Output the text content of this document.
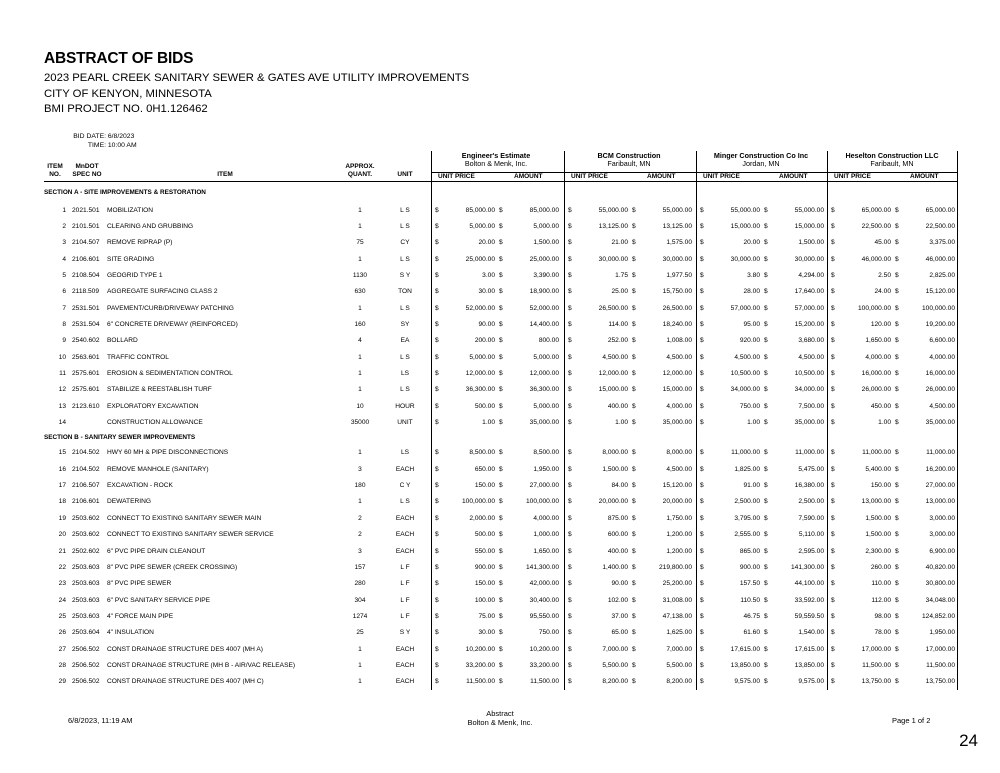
ABSTRACT OF BIDS
2023 PEARL CREEK SANITARY SEWER & GATES AVE UTILITY IMPROVEMENTS
CITY OF KENYON, MINNESOTA
BMI PROJECT NO. 0H1.126462
BID DATE: 6/8/2023
TIME: 10:00 AM
ITEM
NO.
MnDOT
SPEC NO	ITEM
APPROX.
QUANT.	UNIT
Engineer's Estimate
Bolton & Menk, Inc.
UNIT PRICE	AMOUNT
BCM Construction
Faribault, MN
UNIT PRICE	AMOUNT
Minger Construction Co Inc
Jordan, MN
UNIT PRICE	AMOUNT
Heselton Construction LLC
Faribault, MN
UNIT PRICE	AMOUNT
SECTION A - SITE IMPROVEMENTS & RESTORATION
1 2021.501 MOBILIZATION	1	L S	$	85,000.00 $	85,000.00 $	55,000.00 $	55,000.00 $	55,000.00 $	55,000.00 $	65,000.00 $	65,000.00
2 2101.501 CLEARING AND GRUBBING	1	L S	$	5,000.00 $	5,000.00 $	13,125.00 $	13,125.00 $	15,000.00 $	15,000.00 $	22,500.00 $	22,500.00
3 2104.507 REMOVE RIPRAP (P)	75	CY	$	20.00 $	1,500.00 $	21.00 $	1,575.00 $	20.00 $	1,500.00 $	45.00 $	3,375.00
4 2106.601 SITE GRADING	1	L S	$	25,000.00 $	25,000.00 $	30,000.00 $	30,000.00 $	30,000.00 $	30,000.00 $	46,000.00 $	46,000.00
5 2108.504 GEOGRID TYPE 1	1130	S Y	$	3.00 $	3,390.00 $	1.75 $	1,977.50 $	3.80 $	4,294.00 $	2.50 $	2,825.00
6 2118.509 AGGREGATE SURFACING CLASS 2	630	TON	$	30.00 $	18,900.00 $	25.00 $	15,750.00 $	28.00 $	17,640.00 $	24.00 $	15,120.00
7 2531.501 PAVEMENT/CURB/DRIVEWAY PATCHING	1	L S	$	52,000.00 $	52,000.00 $	26,500.00 $	26,500.00 $	57,000.00 $	57,000.00 $	100,000.00 $	100,000.00
8 2531.504 6" CONCRETE DRIVEWAY (REINFORCED)	160	SY	$	90.00 $	14,400.00 $	114.00 $	18,240.00 $	95.00 $	15,200.00 $	120.00 $	19,200.00
9 2540.602 BOLLARD	4	EA	$	200.00 $	800.00 $	252.00 $	1,008.00 $	920.00 $	3,680.00 $	1,650.00 $	6,600.00
10 2563.601 TRAFFIC CONTROL	1	L S	$	5,000.00 $	5,000.00 $	4,500.00 $	4,500.00 $	4,500.00 $	4,500.00 $	4,000.00 $	4,000.00
11 2575.601 EROSION & SEDIMENTATION CONTROL	1	LS	$	12,000.00 $	12,000.00 $	12,000.00 $	12,000.00 $	10,500.00 $	10,500.00 $	16,000.00 $	16,000.00
12 2575.601 STABILIZE & REESTABLISH TURF	1	L S	$	36,300.00 $	36,300.00 $	15,000.00 $	15,000.00 $	34,000.00 $	34,000.00 $	26,000.00 $	26,000.00
13 2123.610 EXPLORATORY EXCAVATION	10	HOUR	$	500.00 $	5,000.00 $	400.00 $	4,000.00 $	750.00 $	7,500.00 $	450.00 $	4,500.00
14	CONSTRUCTION ALLOWANCE	35000	UNIT	$	1.00 $	35,000.00 $	1.00 $	35,000.00 $	1.00 $	35,000.00 $	1.00 $	35,000.00
SECTION B - SANITARY SEWER IMPROVEMENTS
15 2104.502 HWY 60 MH & PIPE DISCONNECTIONS	1	LS	$	8,500.00 $	8,500.00 $	8,000.00 $	8,000.00 $	11,000.00 $	11,000.00 $	11,000.00 $	11,000.00
16 2104.502 REMOVE MANHOLE (SANITARY)	3	EACH	$	650.00 $	1,950.00 $	1,500.00 $	4,500.00 $	1,825.00 $	5,475.00 $	5,400.00 $	16,200.00
17 2106.507 EXCAVATION - ROCK	180	C Y	$	150.00 $	27,000.00 $	84.00 $	15,120.00 $	91.00 $	16,380.00 $	150.00 $	27,000.00
18 2106.601 DEWATERING	1	L S	$	100,000.00 $	100,000.00 $	20,000.00 $	20,000.00 $	2,500.00 $	2,500.00 $	13,000.00 $	13,000.00
19 2503.602 CONNECT TO EXISTING SANITARY SEWER MAIN	2	EACH	$	2,000.00 $	4,000.00 $	875.00 $	1,750.00 $	3,795.00 $	7,590.00 $	1,500.00 $	3,000.00
20 2503.602 CONNECT TO EXISTING SANITARY SEWER SERVICE	2	EACH	$	500.00 $	1,000.00 $	600.00 $	1,200.00 $	2,555.00 $	5,110.00 $	1,500.00 $	3,000.00
21 2502.602 6" PVC PIPE DRAIN CLEANOUT	3	EACH	$	550.00 $	1,650.00 $	400.00 $	1,200.00 $	865.00 $	2,595.00 $	2,300.00 $	6,900.00
22 2503.603 8" PVC PIPE SEWER (CREEK CROSSING)	157	L F	$	900.00 $	141,300.00 $	1,400.00 $	219,800.00 $	900.00 $	141,300.00 $	260.00 $	40,820.00
23 2503.603 8" PVC PIPE SEWER	280	L F	$	150.00 $	42,000.00 $	90.00 $	25,200.00 $	157.50 $	44,100.00 $	110.00 $	30,800.00
24 2503.603 6" PVC SANITARY SERVICE PIPE	304	L F	$	100.00 $	30,400.00 $	102.00 $	31,008.00 $	110.50 $	33,592.00 $	112.00 $	34,048.00
25 2503.603 4" FORCE MAIN PIPE	1274	L F	$	75.00 $	95,550.00 $	37.00 $	47,138.00 $	46.75 $	59,559.50 $	98.00 $	124,852.00
26 2503.604 4" INSULATION	25	S Y	$	30.00 $	750.00 $	65.00 $	1,625.00 $	61.60 $	1,540.00 $	78.00 $	1,950.00
27 2506.502 CONST DRAINAGE STRUCTURE DES 4007 (MH A)	1	EACH	$	10,200.00 $	10,200.00 $	7,000.00 $	7,000.00 $	17,615.00 $	17,615.00 $	17,000.00 $	17,000.00
28 2506.502 CONST DRAINAGE STRUCTURE (MH B - AIR/VAC RELEASE)	1	EACH	$	33,200.00 $	33,200.00 $	5,500.00 $	5,500.00 $	13,850.00 $	13,850.00 $	11,500.00 $	11,500.00
29 2506.502 CONST DRAINAGE STRUCTURE DES 4007 (MH C)	1	EACH	$	11,500.00 $	11,500.00 $	8,200.00 $	8,200.00 $	9,575.00 $	9,575.00 $	13,750.00 $	13,750.00
6/8/2023, 11:19 AM
Abstract
Bolton & Menk, Inc.	Page 1 of 2
24
